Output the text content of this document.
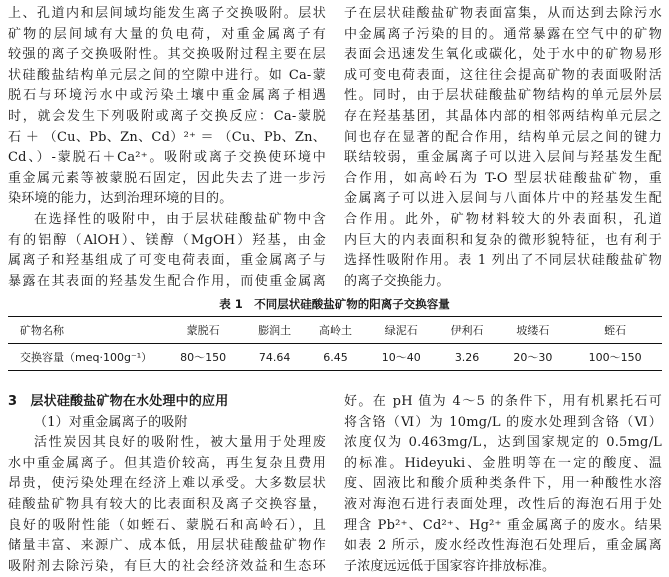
上、孔道内和层间域均能发生离子交换吸附。层状
矿物的层间域有大量的负电荷，对重金属离子有
较强的离子交换吸附性。其交换吸附过程主要在层
状硅酸盐结构单元层之间的空隙中进行。如 Ca-蒙
脱石与环境污水中或污染土壤中重金属离子相遇
时，就会发生下列吸附或离子交换反应：Ca-蒙脱
石 ＋ （Cu、Pb、Zn、Cd）²⁺ ＝ （Cu、Pb、Zn、
Cd、）-蒙脱石＋Ca²⁺。吸附或离子交换使环境中
重金属元素等被蒙脱石固定，因此失去了进一步污
染环境的能力，达到治理环境的目的。
在选择性的吸附中，由于层状硅酸盐矿物中含
有的铝醇（AlOH）、镁醇（MgOH）羟基，由金
属离子和羟基组成了可变电荷表面，重金属离子与
暴露在其表面的羟基发生配合作用，而使重金属离
子在层状硅酸盐矿物表面富集，从而达到去除污水
中金属离子污染的目的。通常暴露在空气中的矿物
表面会迅速发生氧化或碳化，处于水中的矿物易形
成可变电荷表面，这往往会提高矿物的表面吸附活
性。同时，由于层状硅酸盐矿物结构的单元层外层
存在羟基基团，其晶体内部的相邻两结构单元层之
间也存在显著的配合作用，结构单元层之间的键力
联结较弱，重金属离子可以进入层间与羟基发生配
合作用，如高岭石为 T-O 型层状硅酸盐矿物，重
金属离子可以进入层间与八面体片中的羟基发生配
合作用。此外，矿物材料较大的外表面积，孔道
内巨大的内表面积和复杂的微形貌特征，也有利于
选择性吸附作用。表 1 列出了不同层状硅酸盐矿物
的离子交换能力。
表 1　不同层状硅酸盐矿物的阳离子交换容量
矿物名称	蒙脱石	膨润土	高岭土	绿泥石	伊利石	坡缕石	蛭石
交换容量（meq·100g⁻¹）	80～150	74.64	6.45	10～40	3.26	20～30	100～150
3　层状硅酸盐矿物在水处理中的应用
（1）对重金属离子的吸附
活性炭因其良好的吸附性，被大量用于处理废
水中重金属离子。但其造价较高，再生复杂且费用
昂贵，使污染处理在经济上难以承受。大多数层状
硅酸盐矿物具有较大的比表面积及离子交换容量，
良好的吸附性能（如蛭石、蒙脱石和高岭石），且
储量丰富、来源广、成本低，用层状硅酸盐矿物作
吸附剂去除污染，有巨大的社会经济效益和生态环
好。在 pH 值为 4～5 的条件下，用有机累托石可
将含铬（Ⅵ）为 10mg/L 的废水处理到含铬（Ⅵ）
浓度仅为 0.463mg/L，达到国家规定的 0.5mg/L
的标准。Hideyuki、金胜明等在一定的酸度、温
度、固液比和酸介质种类条件下，用一种酸性水溶
液对海泡石进行表面处理，改性后的海泡石用于处
理含 Pb²⁺、Cd²⁺、Hg²⁺ 重金属离子的废水。结果
如表 2 所示，废水经改性海泡石处理后，重金属离
子浓度远远低于国家容许排放标准。
